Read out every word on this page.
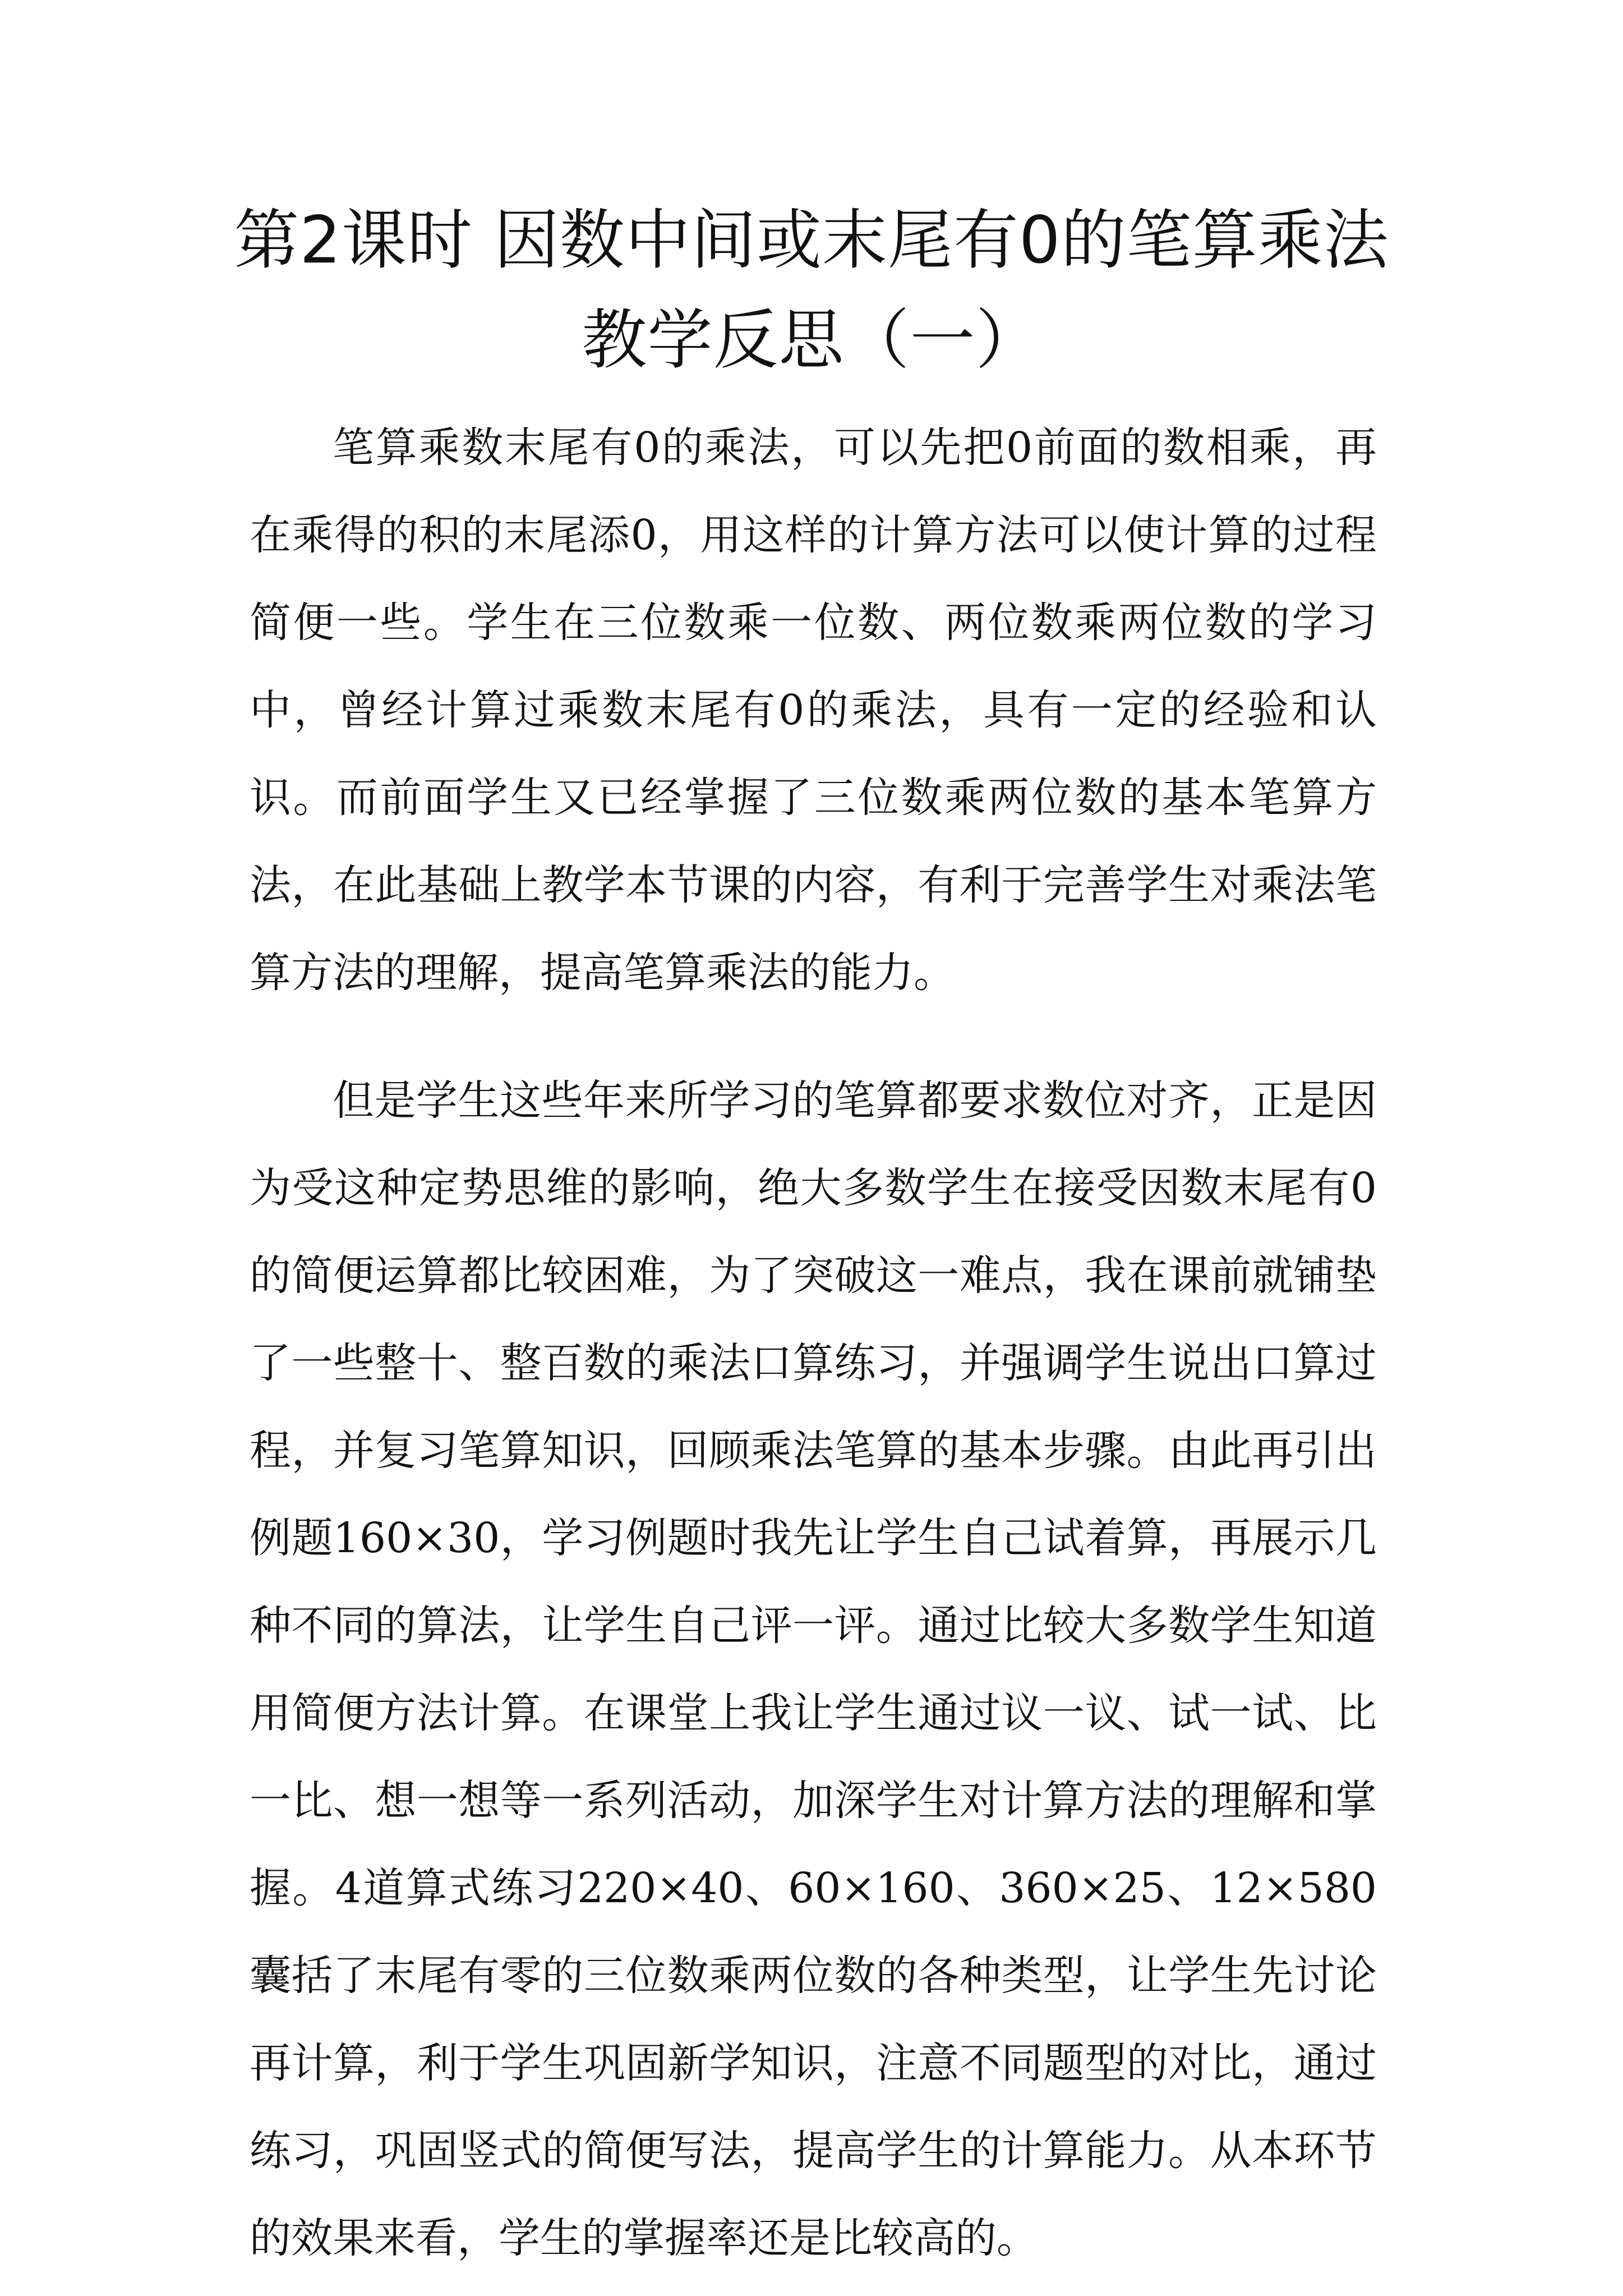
第2课时 因数中间或末尾有0的笔算乘法 教学反思（一）

笔算乘数末尾有0的乘法，可以先把0前面的数相乘，再在乘得的积的末尾添0，用这样的计算方法可以使计算的过程简便一些。学生在三位数乘一位数、两位数乘两位数的学习中，曾经计算过乘数末尾有0的乘法，具有一定的经验和认识。而前面学生又已经掌握了三位数乘两位数的基本笔算方法，在此基础上教学本节课的内容，有利于完善学生对乘法笔算方法的理解，提高笔算乘法的能力。

但是学生这些年来所学习的笔算都要求数位对齐，正是因为受这种定势思维的影响，绝大多数学生在接受因数末尾有0的简便运算都比较困难，为了突破这一难点，我在课前就铺垫了一些整十、整百数的乘法口算练习，并强调学生说出口算过程，并复习笔算知识，回顾乘法笔算的基本步骤。由此再引出例题160×30，学习例题时我先让学生自己试着算，再展示几种不同的算法，让学生自己评一评。通过比较大多数学生知道用简便方法计算。在课堂上我让学生通过议一议、试一试、比一比、想一想等一系列活动，加深学生对计算方法的理解和掌握。4道算式练习220×40、60×160、360×25、12×580囊括了末尾有零的三位数乘两位数的各种类型，让学生先讨论再计算，利于学生巩固新学知识，注意不同题型的对比，通过练习，巩固竖式的简便写法，提高学生的计算能力。从本环节的效果来看，学生的掌握率还是比较高的。
